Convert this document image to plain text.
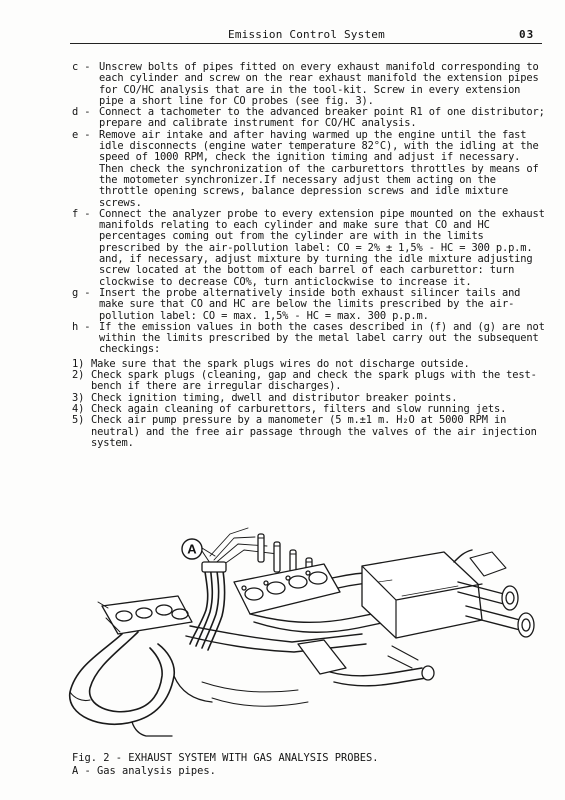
Emission Control System	03
c - Unscrew bolts of pipes fitted on every exhaust manifold corresponding to each cylinder and screw on the rear exhaust manifold the extension pipes for CO/HC analysis that are in the tool-kit. Screw in every extension pipe a short line for CO probes (see fig. 3).
d - Connect a tachometer to the advanced breaker point R1 of one distributor; prepare and calibrate instrument for CO/HC analysis.
e - Remove air intake and after having warmed up the engine until the fast idle disconnects (engine water temperature 82°C), with the idling at the speed of 1000 RPM, check the ignition timing and adjust if necessary. Then check the synchronization of the carburettors throttles by means of the motometer synchronizer.If necessary adjust them acting on the throttle opening screws, balance depression screws and idle mixture screws.
f - Connect the analyzer probe to every extension pipe mounted on the exhaust manifolds relating to each cylinder and make sure that CO and HC percentages coming out from the cylinder are with in the limits prescribed by the air-pollution label: CO = 2% ± 1,5% - HC = 300 p.p.m. and, if necessary, adjust mixture by turning the idle mixture adjusting screw located at the bottom of each barrel of each carburettor: turn clockwise to decrease CO%, turn anticlockwise to increase it.
g - Insert the probe alternatively inside both exhaust silincer tails and make sure that CO and HC are below the limits prescribed by the air-pollution label: CO = max. 1,5% - HC = max. 300 p.p.m.
h - If the emission values in both the cases described in (f) and (g) are not within the limits prescribed by the metal label carry out the subsequent checkings:
1) Make sure that the spark plugs wires do not discharge outside.
2) Check spark plugs (cleaning, gap and check the spark plugs with the test-bench if there are irregular discharges).
3) Check ignition timing, dwell and distributor breaker points.
4) Check again cleaning of carburettors, filters and slow running jets.
5) Check air pump pressure by a manometer (5 m.±1 m. H₂O at 5000 RPM in neutral) and the free air passage through the valves of the air injection system.
A
Fig. 2 - EXHAUST SYSTEM WITH GAS ANALYSIS PROBES.
A - Gas analysis pipes.
